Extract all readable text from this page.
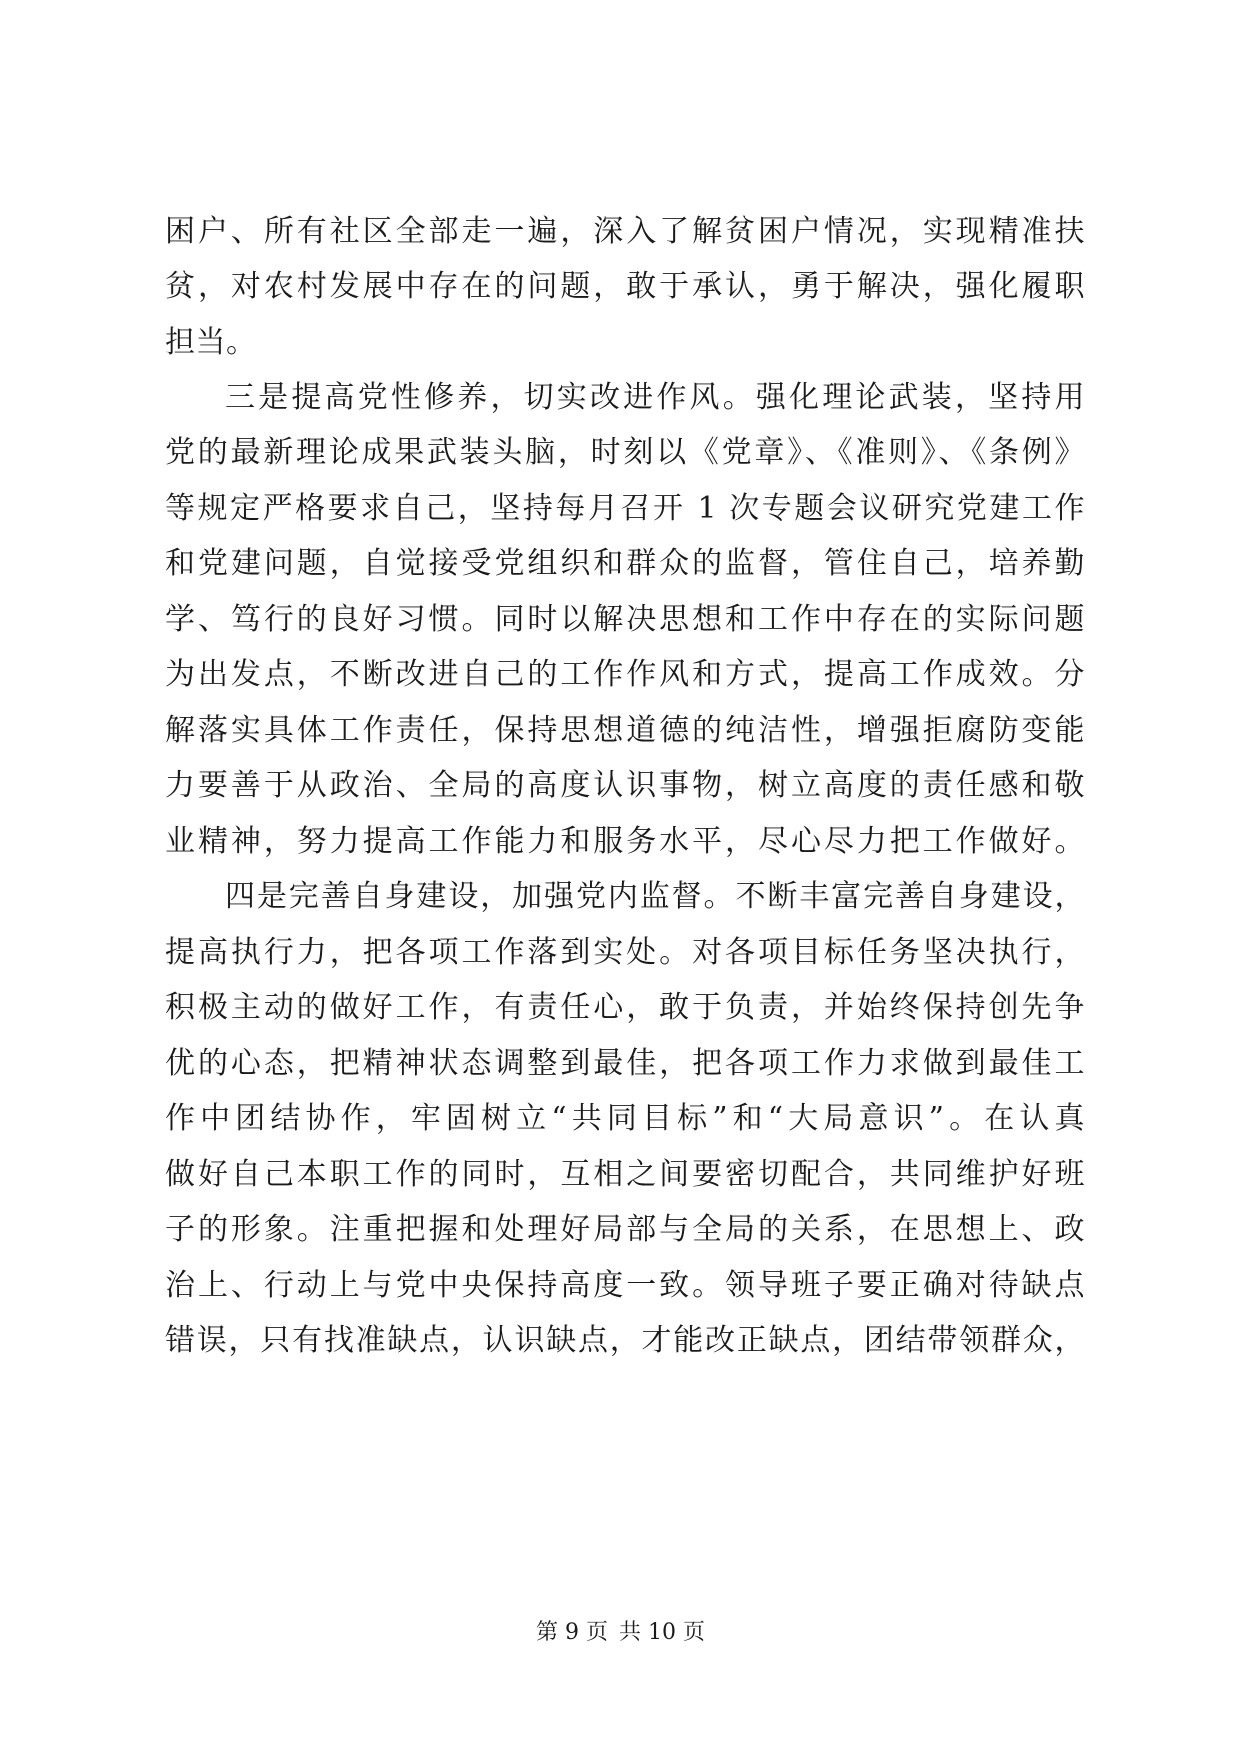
困户、所有社区全部走一遍，深入了解贫困户情况，实现精准扶
贫，对农村发展中存在的问题，敢于承认，勇于解决，强化履职
担当。
三是提高党性修养，切实改进作风。强化理论武装，坚持用
党的最新理论成果武装头脑，时刻以《党章》、《准则》、《条例》
等规定严格要求自己，坚持每月召开 1 次专题会议研究党建工作
和党建问题，自觉接受党组织和群众的监督，管住自己，培养勤
学、笃行的良好习惯。同时以解决思想和工作中存在的实际问题
为出发点，不断改进自己的工作作风和方式，提高工作成效。分
解落实具体工作责任，保持思想道德的纯洁性，增强拒腐防变能
力要善于从政治、全局的高度认识事物，树立高度的责任感和敬
业精神，努力提高工作能力和服务水平，尽心尽力把工作做好。
四是完善自身建设，加强党内监督。不断丰富完善自身建设，
提高执行力，把各项工作落到实处。对各项目标任务坚决执行，
积极主动的做好工作，有责任心，敢于负责，并始终保持创先争
优的心态，把精神状态调整到最佳，把各项工作力求做到最佳工
作中团结协作，牢固树立“共同目标”和“大局意识”。在认真
做好自己本职工作的同时，互相之间要密切配合，共同维护好班
子的形象。注重把握和处理好局部与全局的关系，在思想上、政
治上、行动上与党中央保持高度一致。领导班子要正确对待缺点
错误，只有找准缺点，认识缺点，才能改正缺点，团结带领群众，
第 9 页 共 10 页
